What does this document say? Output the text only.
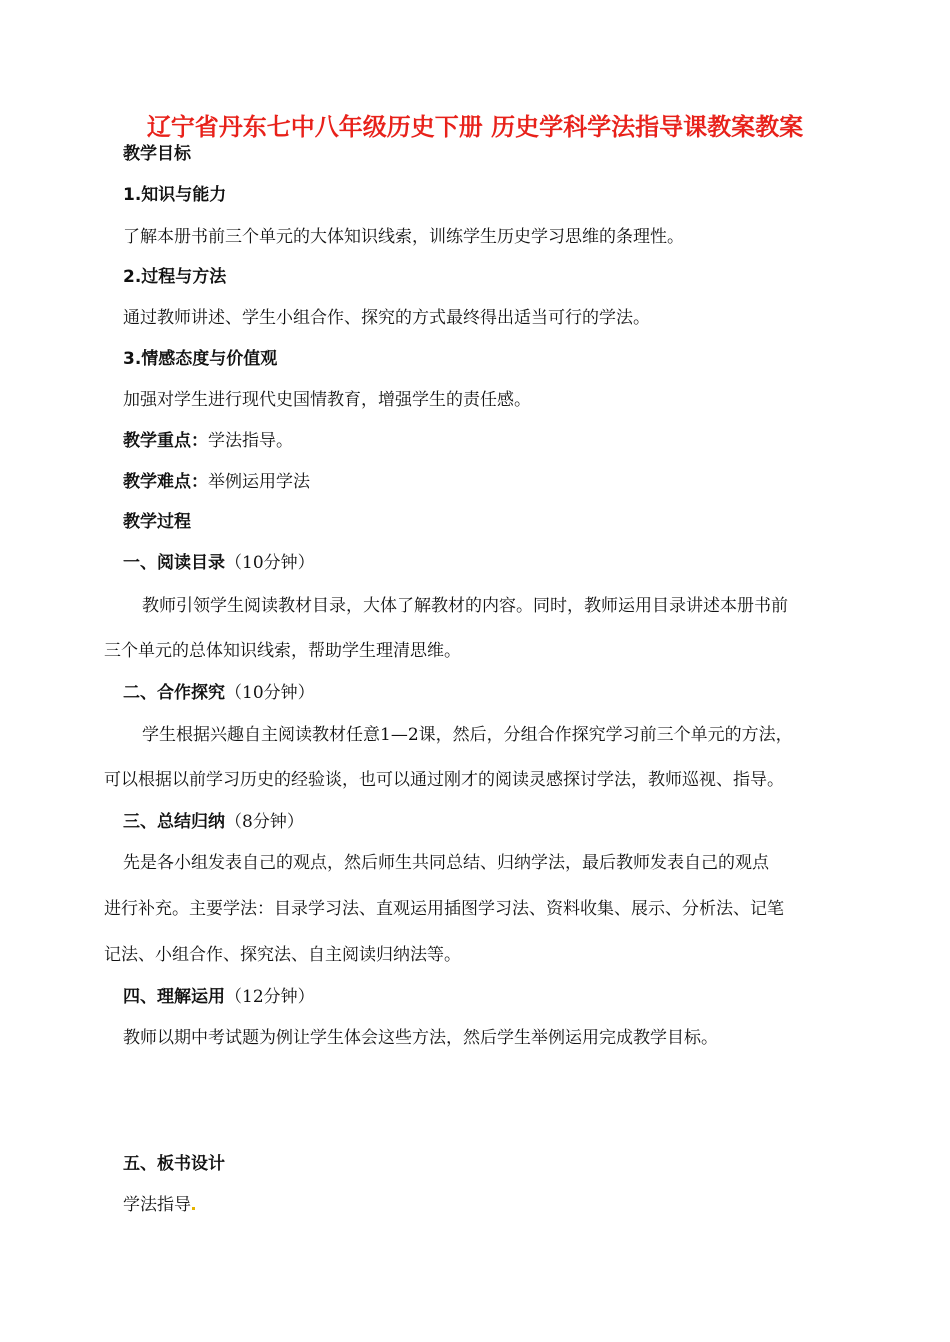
辽宁省丹东七中八年级历史下册 历史学科学法指导课教案教案
教学目标
1.知识与能力
了解本册书前三个单元的大体知识线索，训练学生历史学习思维的条理性。
2.过程与方法
通过教师讲述、学生小组合作、探究的方式最终得出适当可行的学法。
3.情感态度与价值观
加强对学生进行现代史国情教育，增强学生的责任感。
教学重点：学法指导。
教学难点：举例运用学法
教学过程
一、阅读目录（10分钟）
教师引领学生阅读教材目录，大体了解教材的内容。同时，教师运用目录讲述本册书前
三个单元的总体知识线索，帮助学生理清思维。
二、合作探究（10分钟）
学生根据兴趣自主阅读教材任意1—2课，然后，分组合作探究学习前三个单元的方法，
可以根据以前学习历史的经验谈，也可以通过刚才的阅读灵感探讨学法，教师巡视、指导。
三、总结归纳（8分钟）
先是各小组发表自己的观点，然后师生共同总结、归纳学法，最后教师发表自己的观点
进行补充。主要学法：目录学习法、直观运用插图学习法、资料收集、展示、分析法、记笔
记法、小组合作、探究法、自主阅读归纳法等。
四、理解运用（12分钟）
教师以期中考试题为例让学生体会这些方法，然后学生举例运用完成教学目标。
五、板书设计
学法指导
